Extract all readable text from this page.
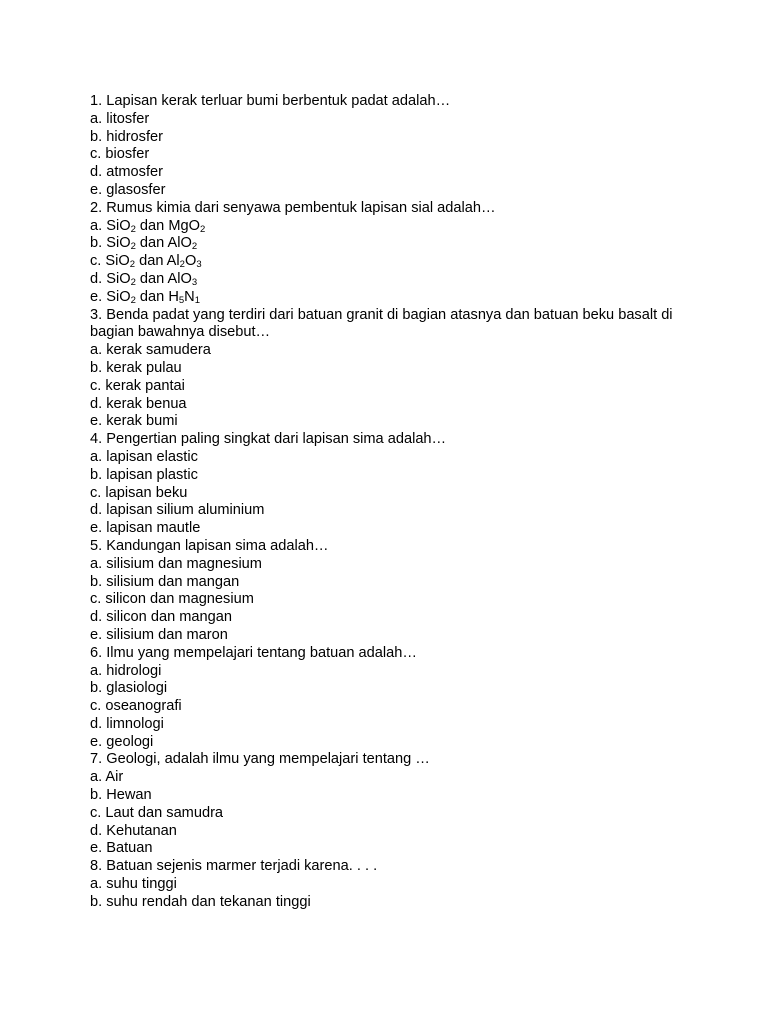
1. Lapisan kerak terluar bumi berbentuk padat adalah…
a. litosfer
b. hidrosfer
c. biosfer
d. atmosfer
e. glasosfer
2. Rumus kimia dari senyawa pembentuk lapisan sial adalah…
a. SiO$_2$ dan MgO$_2$
b. SiO$_2$ dan AlO$_2$
c. SiO$_2$ dan $Al_2O_3$
d. SiO$_2$ dan AlO$_3$
e. SiO$_2$ dan $H_5N_1$
3. Benda padat yang terdiri dari batuan granit di bagian atasnya dan batuan beku basalt di bagian bawahnya disebut…
a. kerak samudera
b. kerak pulau
c. kerak pantai
d. kerak benua
e. kerak bumi
4. Pengertian paling singkat dari lapisan sima adalah…
a. lapisan elastic
b. lapisan plastic
c. lapisan beku
d. lapisan silium aluminium
e. lapisan mautle
5. Kandungan lapisan sima adalah…
a. silisium dan magnesium
b. silisium dan mangan
c. silicon dan magnesium
d. silicon dan mangan
e. silisium dan maron
6. Ilmu yang mempelajari tentang batuan adalah…
a. hidrologi
b. glasiologi
c. oseanografi
d. limnologi
e. geologi
7. Geologi, adalah ilmu yang mempelajari tentang …
a. Air
b. Hewan
c. Laut dan samudra
d. Kehutanan
e. Batuan
8. Batuan sejenis marmer terjadi karena. . . .
a. suhu tinggi
b. suhu rendah dan tekanan tinggi
